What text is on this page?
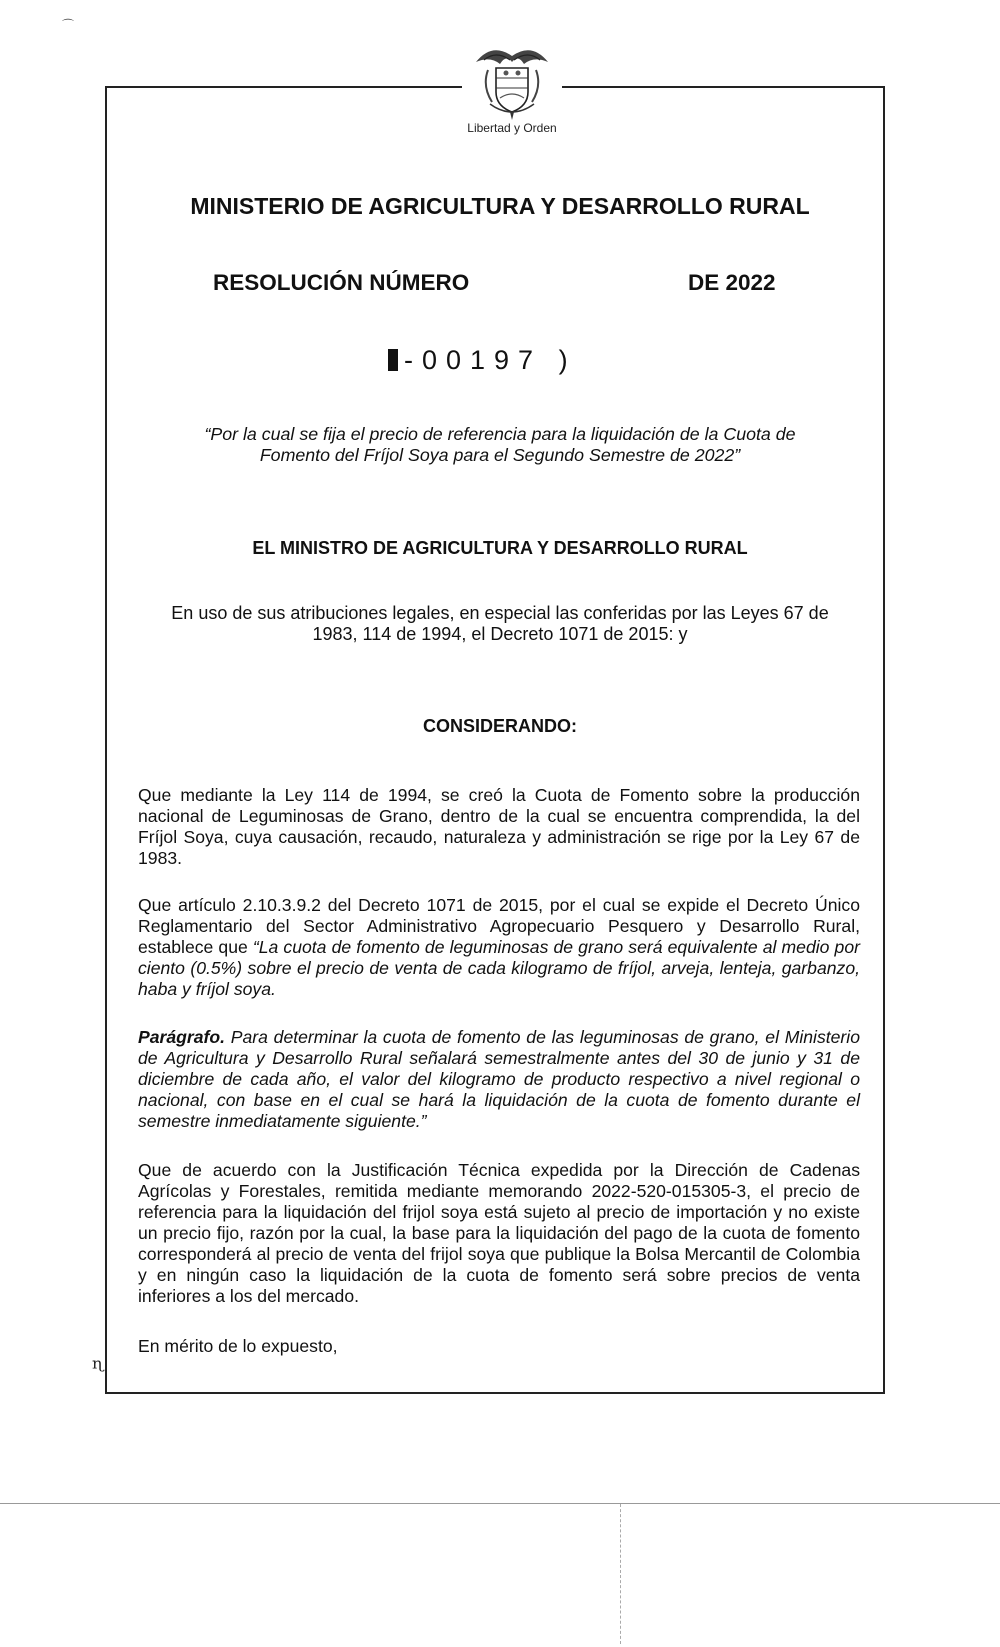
Libertad y Orden
MINISTERIO DE AGRICULTURA Y DESARROLLO RURAL
RESOLUCIÓN NÚMERO	DE 2022
-00197 )
“Por la cual se fija el precio de referencia para la liquidación de la Cuota de
Fomento del Fríjol Soya para el Segundo Semestre de 2022”
EL MINISTRO DE AGRICULTURA Y DESARROLLO RURAL
En uso de sus atribuciones legales, en especial las conferidas por las Leyes 67 de
1983, 114 de 1994, el Decreto 1071 de 2015: y
CONSIDERANDO:

Que mediante la Ley 114 de 1994, se creó la Cuota de Fomento sobre la producción nacional de Leguminosas de Grano, dentro de la cual se encuentra comprendida, la del Fríjol Soya, cuya causación, recaudo, naturaleza y administración se rige por la Ley 67 de 1983.

Que artículo 2.10.3.9.2 del Decreto 1071 de 2015, por el cual se expide el Decreto Único Reglamentario del Sector Administrativo Agropecuario Pesquero y Desarrollo Rural, establece que “La cuota de fomento de leguminosas de grano será equivalente al medio por ciento (0.5%) sobre el precio de venta de cada kilogramo de fríjol, arveja, lenteja, garbanzo, haba y fríjol soya.

Parágrafo. Para determinar la cuota de fomento de las leguminosas de grano, el Ministerio de Agricultura y Desarrollo Rural señalará semestralmente antes del 30 de junio y 31 de diciembre de cada año, el valor del kilogramo de producto respectivo a nivel regional o nacional, con base en el cual se hará la liquidación de la cuota de fomento durante el semestre inmediatamente siguiente.”

Que de acuerdo con la Justificación Técnica expedida por la Dirección de Cadenas Agrícolas y Forestales, remitida mediante memorando 2022-520-015305-3, el precio de referencia para la liquidación del frijol soya está sujeto al precio de importación y no existe un precio fijo, razón por la cual, la base para la liquidación del pago de la cuota de fomento corresponderá al precio de venta del frijol soya que publique la Bolsa Mercantil de Colombia y en ningún caso la liquidación de la cuota de fomento será sobre precios de venta inferiores a los del mercado.

En mérito de lo expuesto,

ᶯ
⌒
